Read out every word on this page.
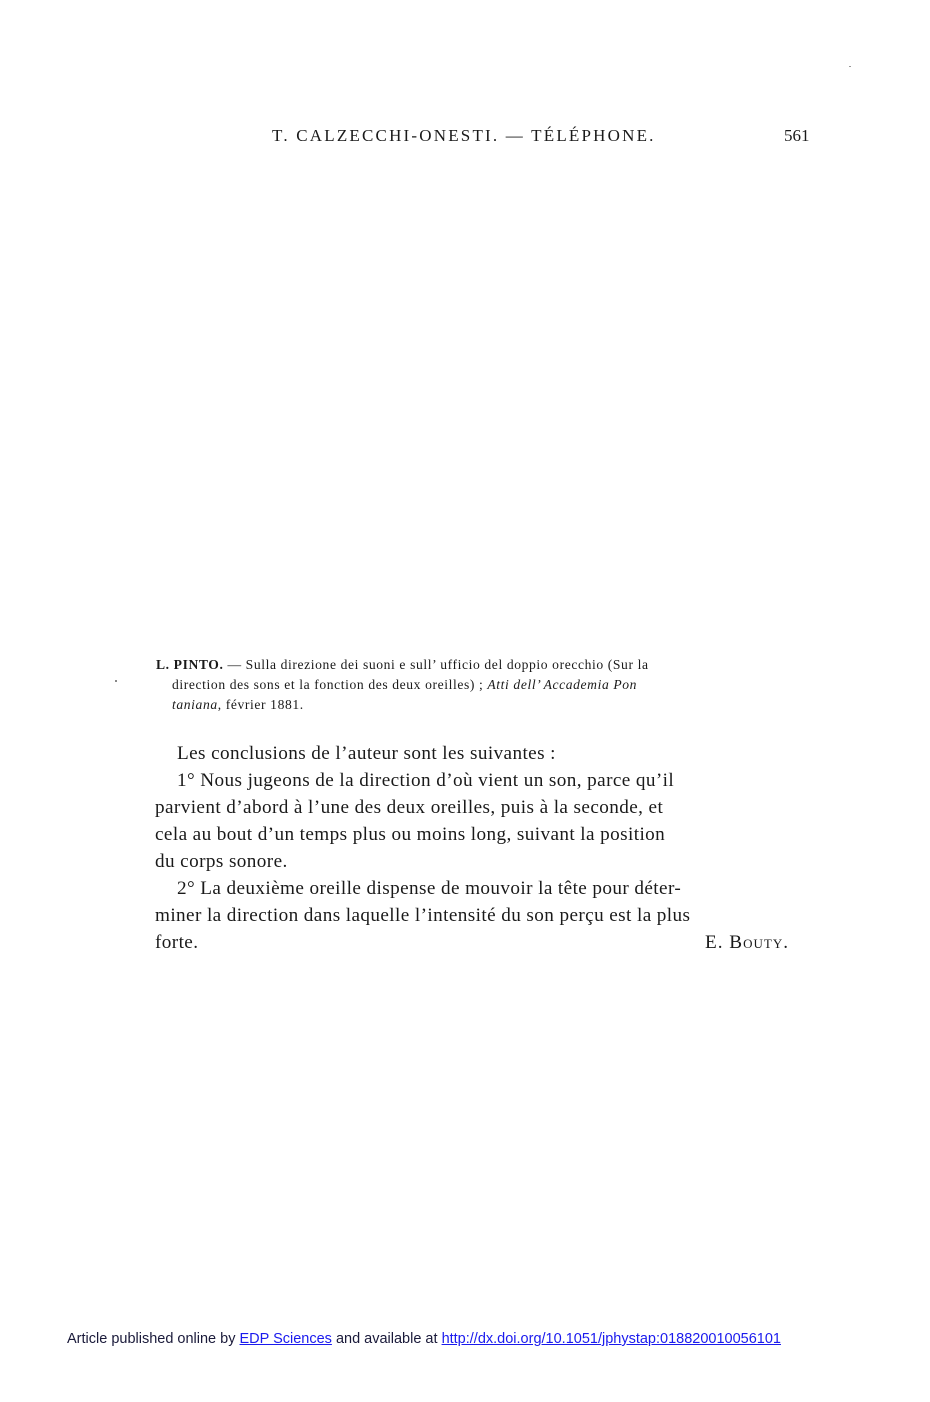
T. CALZECCHI-ONESTI. — TÉLÉPHONE.	561
L. PINTO. — Sulla direzione dei suoni e sull’ ufficio del doppio orecchio (Sur la
direction des sons et la fonction des deux oreilles) ; Atti dell’ Accademia Pon
taniana, février 1881.
Les conclusions de l’auteur sont les suivantes :
1° Nous jugeons de la direction d’où vient un son, parce qu’il
parvient d’abord à l’une des deux oreilles, puis à la seconde, et
cela au bout d’un temps plus ou moins long, suivant la position
du corps sonore.
2° La deuxième oreille dispense de mouvoir la tête pour déter-
miner la direction dans laquelle l’intensité du son perçu est la plus
forte.	E. Bouty.
Article published online by EDP Sciences and available at http://dx.doi.org/10.1051/jphystap:018820010056101
